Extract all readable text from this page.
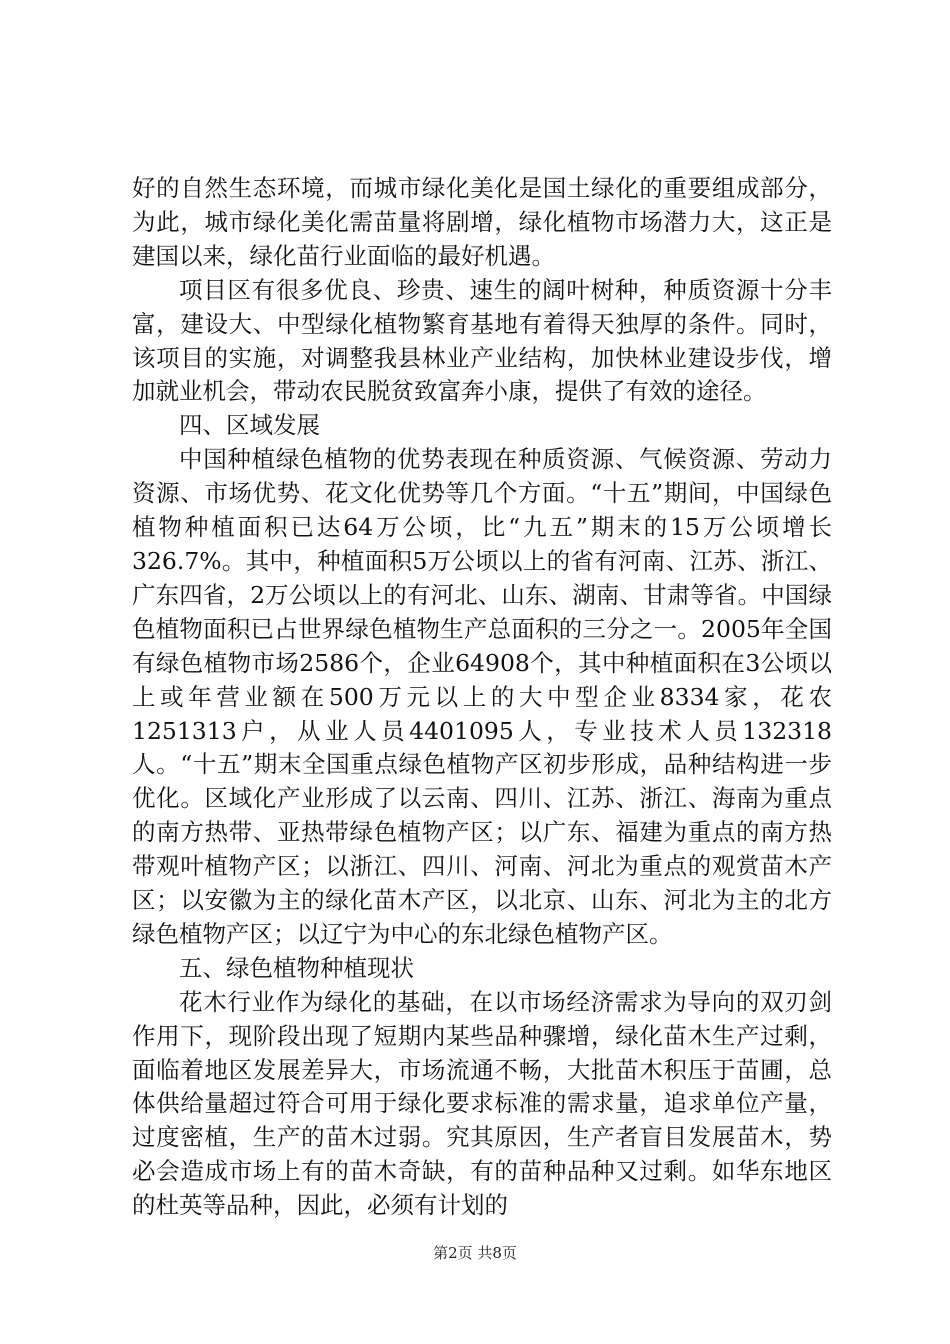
好的自然生态环境，而城市绿化美化是国土绿化的重要组成部分，为此，城市绿化美化需苗量将剧增，绿化植物市场潜力大，这正是建国以来，绿化苗行业面临的最好机遇。

项目区有很多优良、珍贵、速生的阔叶树种，种质资源十分丰富，建设大、中型绿化植物繁育基地有着得天独厚的条件。同时，该项目的实施，对调整我县林业产业结构，加快林业建设步伐，增加就业机会，带动农民脱贫致富奔小康，提供了有效的途径。

四、区域发展

中国种植绿色植物的优势表现在种质资源、气候资源、劳动力资源、市场优势、花文化优势等几个方面。“十五”期间，中国绿色植物种植面积已达64万公顷，比“九五”期末的15万公顷增长326.7%。其中，种植面积5万公顷以上的省有河南、江苏、浙江、广东四省，2万公顷以上的有河北、山东、湖南、甘肃等省。中国绿色植物面积已占世界绿色植物生产总面积的三分之一。2005年全国有绿色植物市场2586个，企业64908个，其中种植面积在3公顷以上或年营业额在500万元以上的大中型企业8334家，花农1251313户，从业人员4401095人，专业技术人员132318人。“十五”期末全国重点绿色植物产区初步形成，品种结构进一步优化。区域化产业形成了以云南、四川、江苏、浙江、海南为重点的南方热带、亚热带绿色植物产区；以广东、福建为重点的南方热带观叶植物产区；以浙江、四川、河南、河北为重点的观赏苗木产区；以安徽为主的绿化苗木产区，以北京、山东、河北为主的北方绿色植物产区；以辽宁为中心的东北绿色植物产区。

五、绿色植物种植现状

花木行业作为绿化的基础，在以市场经济需求为导向的双刃剑作用下，现阶段出现了短期内某些品种骤增，绿化苗木生产过剩，面临着地区发展差异大，市场流通不畅，大批苗木积压于苗圃，总体供给量超过符合可用于绿化要求标准的需求量，追求单位产量，过度密植，生产的苗木过弱。究其原因，生产者盲目发展苗木，势必会造成市场上有的苗木奇缺，有的苗种品种又过剩。如华东地区的杜英等品种，因此，必须有计划的

第2页 共8页
